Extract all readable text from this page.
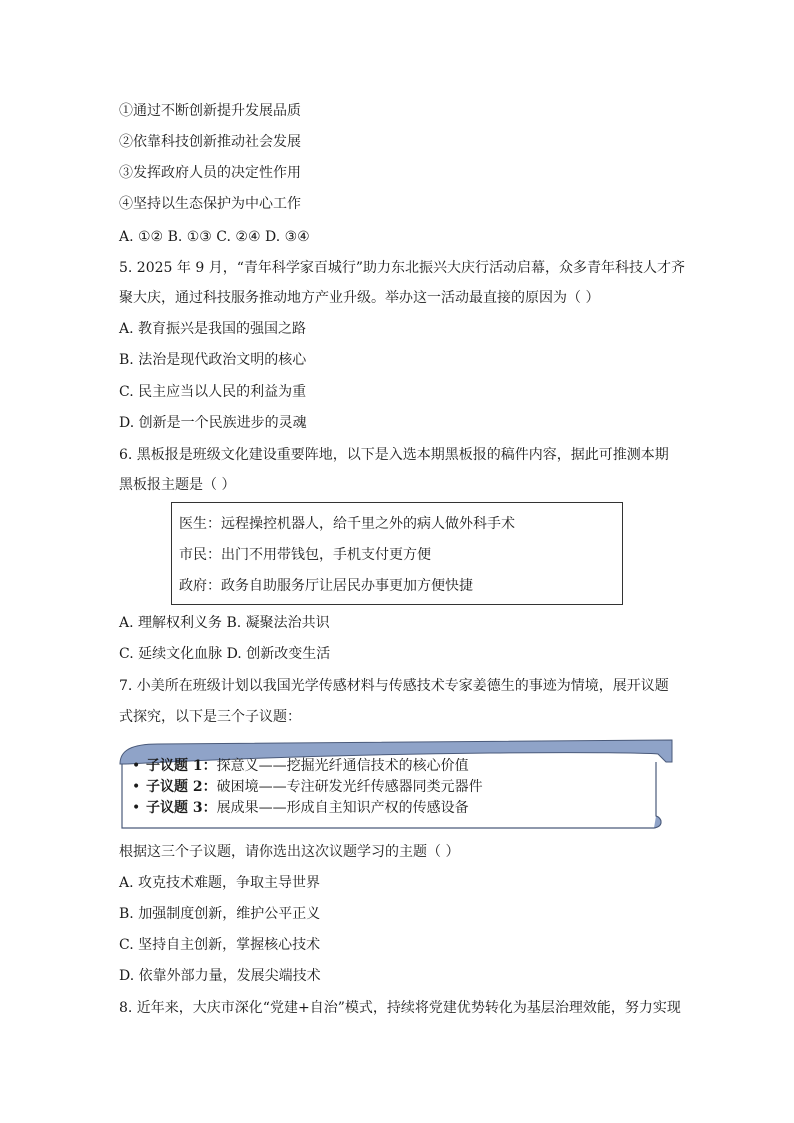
①通过不断创新提升发展品质
②依靠科技创新推动社会发展
③发挥政府人员的决定性作用
④坚持以生态保护为中心工作
A. ①② B. ①③ C. ②④ D. ③④
5. 2025 年 9 月，“青年科学家百城行”助力东北振兴大庆行活动启幕，众多青年科技人才齐
聚大庆，通过科技服务推动地方产业升级。举办这一活动最直接的原因为（ ）
A. 教育振兴是我国的强国之路
B. 法治是现代政治文明的核心
C. 民主应当以人民的利益为重
D. 创新是一个民族进步的灵魂
6. 黑板报是班级文化建设重要阵地，以下是入选本期黑板报的稿件内容，据此可推测本期
黑板报主题是（ ）
医生：远程操控机器人，给千里之外的病人做外科手术
市民：出门不用带钱包，手机支付更方便
政府：政务自助服务厅让居民办事更加方便快捷
A. 理解权利义务 B. 凝聚法治共识
C. 延续文化血脉 D. 创新改变生活
7. 小美所在班级计划以我国光学传感材料与传感技术专家姜德生的事迹为情境，展开议题
式探究，以下是三个子议题：
• 子议题 1：探意义——挖掘光纤通信技术的核心价值
• 子议题 2：破困境——专注研发光纤传感器同类元器件
• 子议题 3：展成果——形成自主知识产权的传感设备
根据这三个子议题，请你选出这次议题学习的主题（ ）
A. 攻克技术难题，争取主导世界
B. 加强制度创新，维护公平正义
C. 坚持自主创新，掌握核心技术
D. 依靠外部力量，发展尖端技术
8. 近年来，大庆市深化“党建+自治”模式，持续将党建优势转化为基层治理效能，努力实现
